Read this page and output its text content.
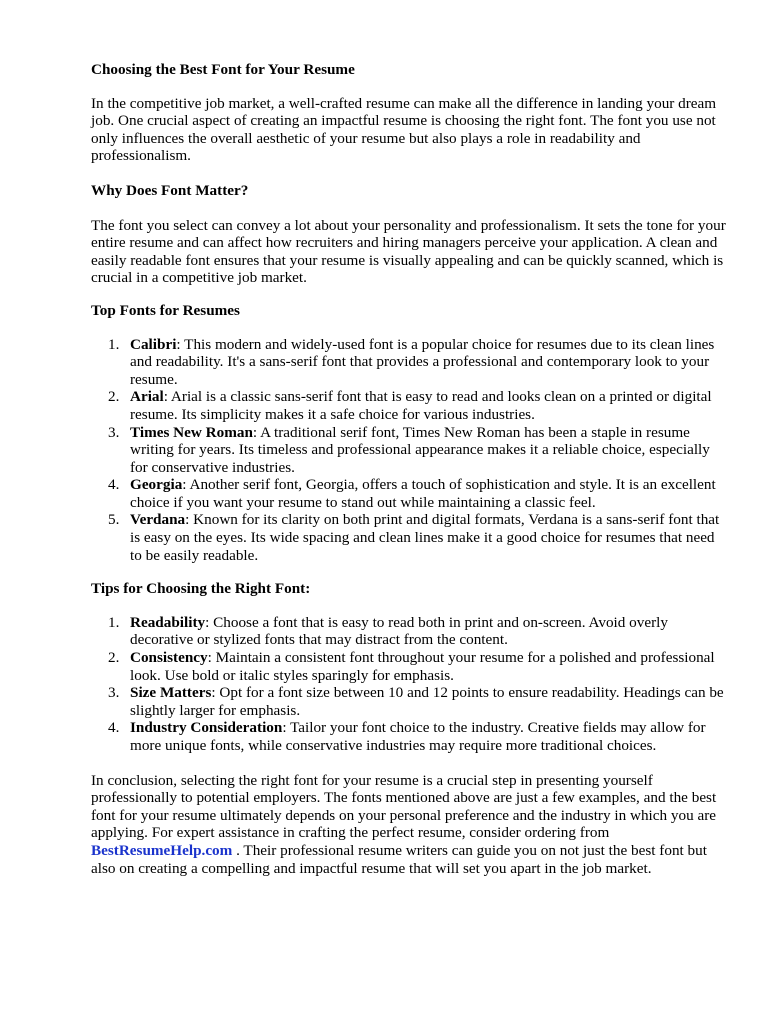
Choosing the Best Font for Your Resume

In the competitive job market, a well-crafted resume can make all the difference in landing your dream job. One crucial aspect of creating an impactful resume is choosing the right font. The font you use not only influences the overall aesthetic of your resume but also plays a role in readability and professionalism.

Why Does Font Matter?

The font you select can convey a lot about your personality and professionalism. It sets the tone for your entire resume and can affect how recruiters and hiring managers perceive your application. A clean and easily readable font ensures that your resume is visually appealing and can be quickly scanned, which is crucial in a competitive job market.

Top Fonts for Resumes
1. Calibri: This modern and widely-used font is a popular choice for resumes due to its clean lines and readability. It's a sans-serif font that provides a professional and contemporary look to your resume.
2. Arial: Arial is a classic sans-serif font that is easy to read and looks clean on a printed or digital resume. Its simplicity makes it a safe choice for various industries.
3. Times New Roman: A traditional serif font, Times New Roman has been a staple in resume writing for years. Its timeless and professional appearance makes it a reliable choice, especially for conservative industries.
4. Georgia: Another serif font, Georgia, offers a touch of sophistication and style. It is an excellent choice if you want your resume to stand out while maintaining a classic feel.
5. Verdana: Known for its clarity on both print and digital formats, Verdana is a sans-serif font that is easy on the eyes. Its wide spacing and clean lines make it a good choice for resumes that need to be easily readable.
Tips for Choosing the Right Font:
1. Readability: Choose a font that is easy to read both in print and on-screen. Avoid overly decorative or stylized fonts that may distract from the content.
2. Consistency: Maintain a consistent font throughout your resume for a polished and professional look. Use bold or italic styles sparingly for emphasis.
3. Size Matters: Opt for a font size between 10 and 12 points to ensure readability. Headings can be slightly larger for emphasis.
4. Industry Consideration: Tailor your font choice to the industry. Creative fields may allow for more unique fonts, while conservative industries may require more traditional choices.

In conclusion, selecting the right font for your resume is a crucial step in presenting yourself professionally to potential employers. The fonts mentioned above are just a few examples, and the best font for your resume ultimately depends on your personal preference and the industry in which you are applying. For expert assistance in crafting the perfect resume, consider ordering from BestResumeHelp.com . Their professional resume writers can guide you on not just the best font but also on creating a compelling and impactful resume that will set you apart in the job market.
